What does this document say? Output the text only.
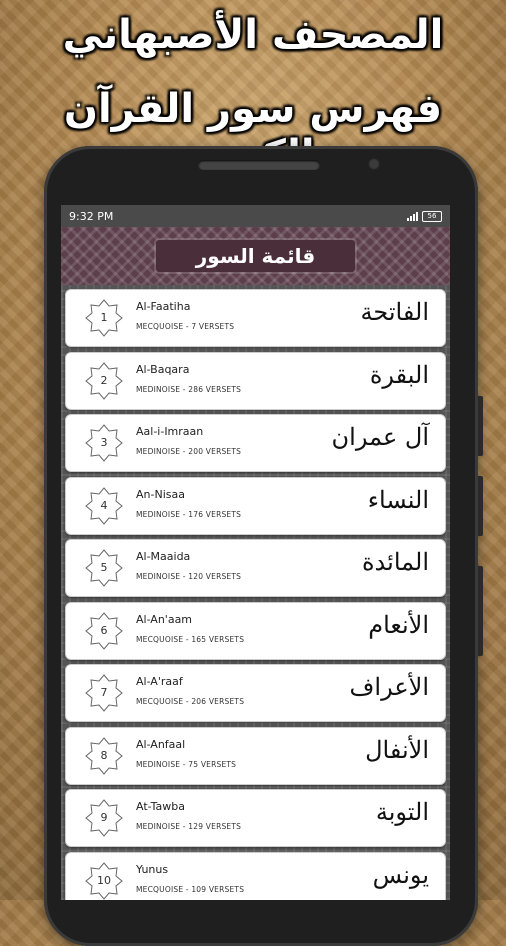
المصحف الأصبهاني
فهرس سور القرآن
9:32 PM	56
قائمة السور
1
Al-Faatiha
MECQUOISE - 7 VERSETS
الفاتحة
2
Al-Baqara
MEDINOISE - 286 VERSETS
البقرة
3
Aal-i-Imraan
MEDINOISE - 200 VERSETS
آل عمران
4
An-Nisaa
MEDINOISE - 176 VERSETS
النساء
5
Al-Maaida
MEDINOISE - 120 VERSETS
المائدة
6
Al-An'aam
MECQUOISE - 165 VERSETS
الأنعام
7
Al-A'raaf
MECQUOISE - 206 VERSETS
الأعراف
8
Al-Anfaal
MEDINOISE - 75 VERSETS
الأنفال
9
At-Tawba
MEDINOISE - 129 VERSETS
التوبة
10
Yunus
MECQUOISE - 109 VERSETS
يونس
